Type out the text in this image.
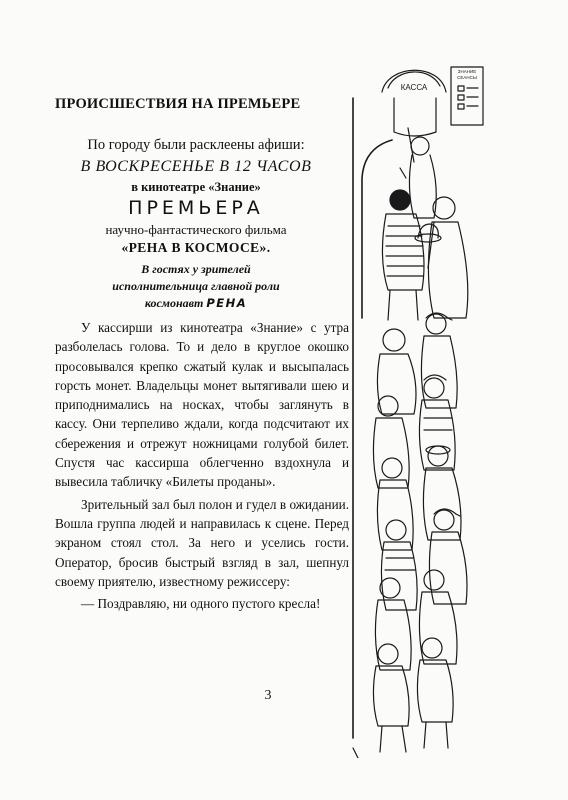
ПРОИСШЕСТВИЯ НА ПРЕМЬЕРЕ
По городу были расклеены афиши:
В ВОСКРЕСЕНЬЕ В 12 ЧАСОВ
в кинотеатре «Знание»
ПРЕМЬЕРА
научно-фантастического фильма
«РЕНА В КОСМОСЕ».
В гостях у зрителей
исполнительница главной роли
космонавт РЕНА

У кассирши из кинотеатра «Знание» с утра разболелась голова. То и дело в круглое окошко просовывался крепко сжатый кулак и высыпалась горсть монет. Владельцы монет вытягивали шею и приподнимались на носках, чтобы заглянуть в кассу. Они терпеливо ждали, когда подсчитают их сбережения и отрежут ножницами голубой билет. Спустя час кассирша облегченно вздохнула и вывесила табличку «Билеты проданы».

Зрительный зал был полон и гудел в ожидании. Вошла группа людей и направилась к сцене. Перед экраном стоял стол. За него и уселись гости. Оператор, бросив быстрый взгляд в зал, шепнул своему приятелю, известному режиссеру:

— Поздравляю, ни одного пустого кресла!

3
КАССА
ЗНАНИЕ
СЕАНСЫ
